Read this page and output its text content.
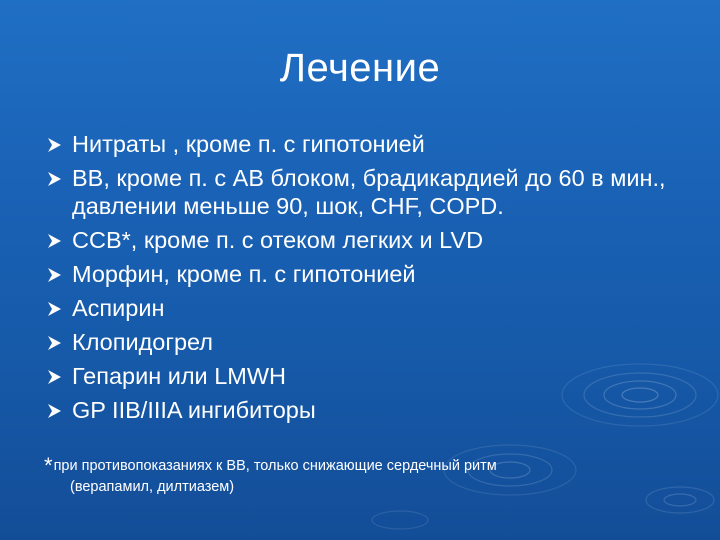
Лечение
Нитраты , кроме п. с гипотонией
BB, кроме п. с AB блоком, брадикардией до 60 в мин., давлении меньше 90, шок, CHF, COPD.
CCB*, кроме п. с отеком легких и LVD
Морфин, кроме п. с гипотонией
Аспирин
Клопидогрел
Гепарин или LMWH
GP IIB/IIIA ингибиторы
*при противопоказаниях к BB, только снижающие сердечный ритм
(верапамил, дилтиазем)
